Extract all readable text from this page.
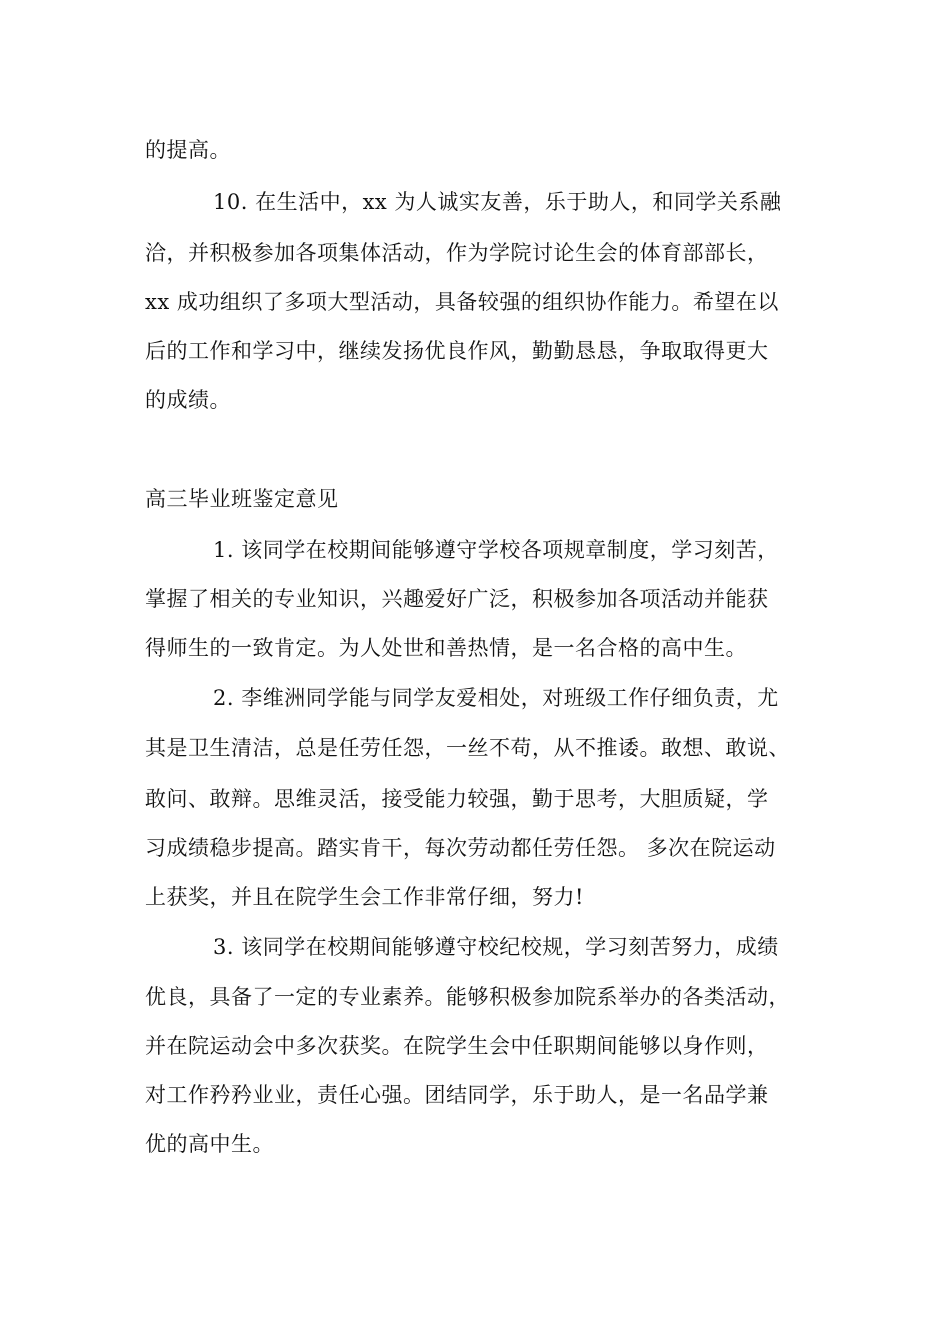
的提高。
10. 在生活中，xx 为人诚实友善，乐于助人，和同学关系融
洽，并积极参加各项集体活动，作为学院讨论生会的体育部部长，
xx 成功组织了多项大型活动，具备较强的组织协作能力。希望在以
后的工作和学习中，继续发扬优良作风，勤勤恳恳，争取取得更大
的成绩。
高三毕业班鉴定意见
1. 该同学在校期间能够遵守学校各项规章制度，学习刻苦，
掌握了相关的专业知识，兴趣爱好广泛，积极参加各项活动并能获
得师生的一致肯定。为人处世和善热情，是一名合格的高中生。
2. 李维洲同学能与同学友爱相处，对班级工作仔细负责，尤
其是卫生清洁，总是任劳任怨，一丝不苟，从不推诿。敢想、敢说、
敢问、敢辩。思维灵活，接受能力较强，勤于思考，大胆质疑，学
习成绩稳步提高。踏实肯干，每次劳动都任劳任怨。 多次在院运动
上获奖，并且在院学生会工作非常仔细，努力!
3. 该同学在校期间能够遵守校纪校规，学习刻苦努力，成绩
优良，具备了一定的专业素养。能够积极参加院系举办的各类活动，
并在院运动会中多次获奖。在院学生会中任职期间能够以身作则，
对工作矜矜业业，责任心强。团结同学，乐于助人，是一名品学兼
优的高中生。
